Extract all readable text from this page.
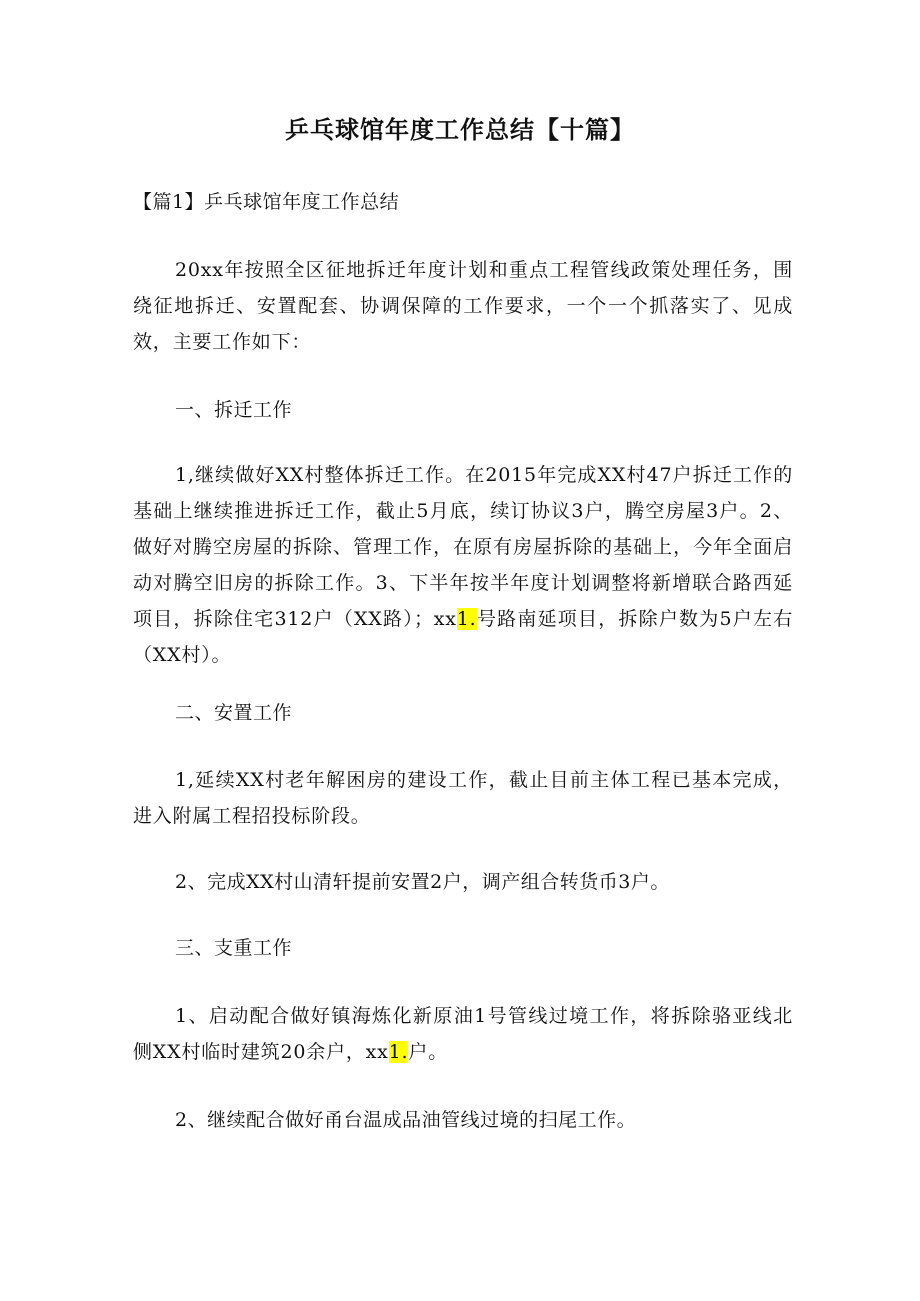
乒乓球馆年度工作总结【十篇】
【篇1】乒乓球馆年度工作总结

20xx年按照全区征地拆迁年度计划和重点工程管线政策处理任务，围绕征地拆迁、安置配套、协调保障的工作要求，一个一个抓落实了、见成效，主要工作如下：

一、拆迁工作

1,继续做好XX村整体拆迁工作。在2015年完成XX村47户拆迁工作的基础上继续推进拆迁工作，截止5月底，续订协议3户，腾空房屋3户。2、做好对腾空房屋的拆除、管理工作，在原有房屋拆除的基础上，今年全面启动对腾空旧房的拆除工作。3、下半年按半年度计划调整将新增联合路西延项目，拆除住宅312户（XX路）；xx1.号路南延项目，拆除户数为5户左右（XX村）。

二、安置工作

1,延续XX村老年解困房的建设工作，截止目前主体工程已基本完成，进入附属工程招投标阶段。

2、完成XX村山清轩提前安置2户，调产组合转货币3户。
三、支重工作

1、启动配合做好镇海炼化新原油1号管线过境工作，将拆除骆亚线北侧XX村临时建筑20余户，xx1.户。

2、继续配合做好甬台温成品油管线过境的扫尾工作。
